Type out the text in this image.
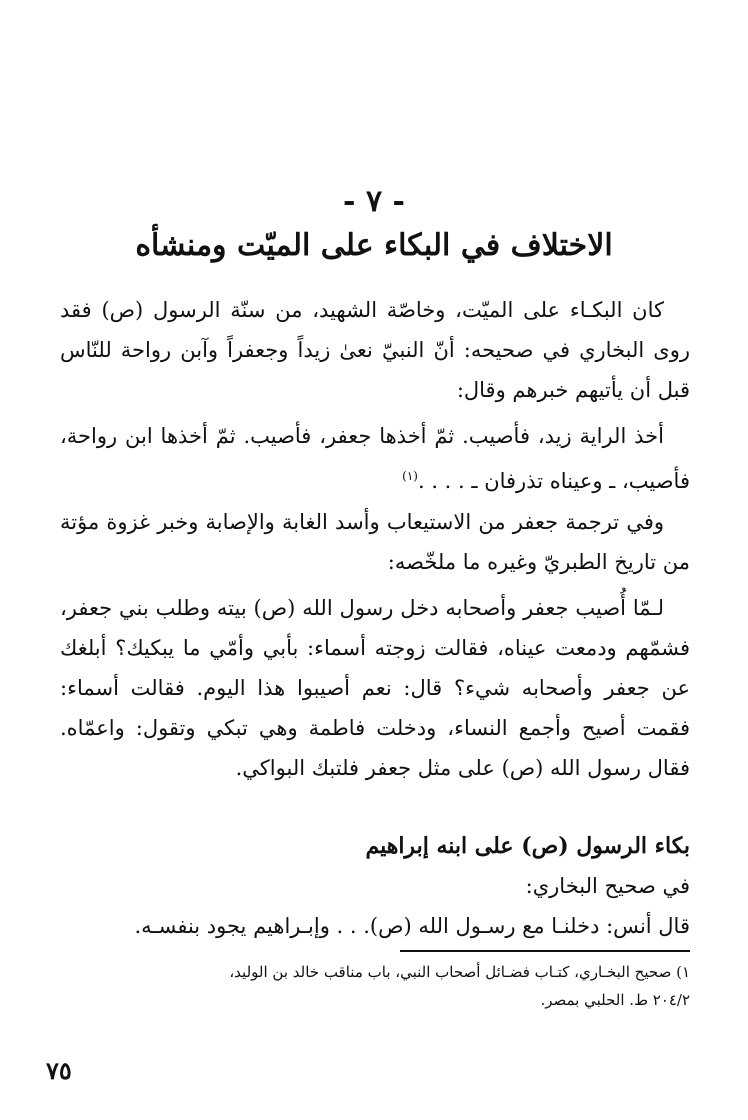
- ٧ -
الاختلاف في البكاء على الميّت ومنشأه

كان البكـاء على الميّت، وخاصّة الشهيد، من سنّة الرسول (ص) فقد روى البخاري في صحيحه: أنّ النبيّ نعىٰ زيداً وجعفراً وآبن رواحة للنّاس قبل أن يأتيهم خبرهم وقال:

أخذ الراية زيد، فأصيب. ثمّ أخذها جعفر، فأصيب. ثمّ أخذها ابن رواحة، فأصيب، ـ وعيناه تذرفان ـ . . . .$^{(١)}$

وفي ترجمة جعفر من الاستيعاب وأسد الغابة والإصابة وخبر غزوة مؤتة من تاريخ الطبريّ وغيره ما ملخّصه:

لـمّا أُصيب جعفر وأصحابه دخل رسول الله (ص) بيته وطلب بني جعفر، فشمّهم ودمعت عيناه، فقالت زوجته أسماء: بأبي وأمّي ما يبكيك؟ أبلغك عن جعفر وأصحابه شيء؟ قال: نعم أصيبوا هذا اليوم. فقالت أسماء: فقمت أصيح وأجمع النساء، ودخلت فاطمة وهي تبكي وتقول: واعمّاه. فقال رسول الله (ص) على مثل جعفر فلتبك البواكي.

بكاء الرسول (ص) على ابنه إبراهيم
في صحيح البخاري:
قال أنس: دخلنـا مع رسـول الله (ص). . . وإبـراهيم يجود بنفسـه.

١) صحيح البخـاري، كتـاب فضـائل أصحاب النبي، باب مناقب خالد بن الوليد،

٢٠٤/٢ ط. الحلبي بمصر.

٧٥
